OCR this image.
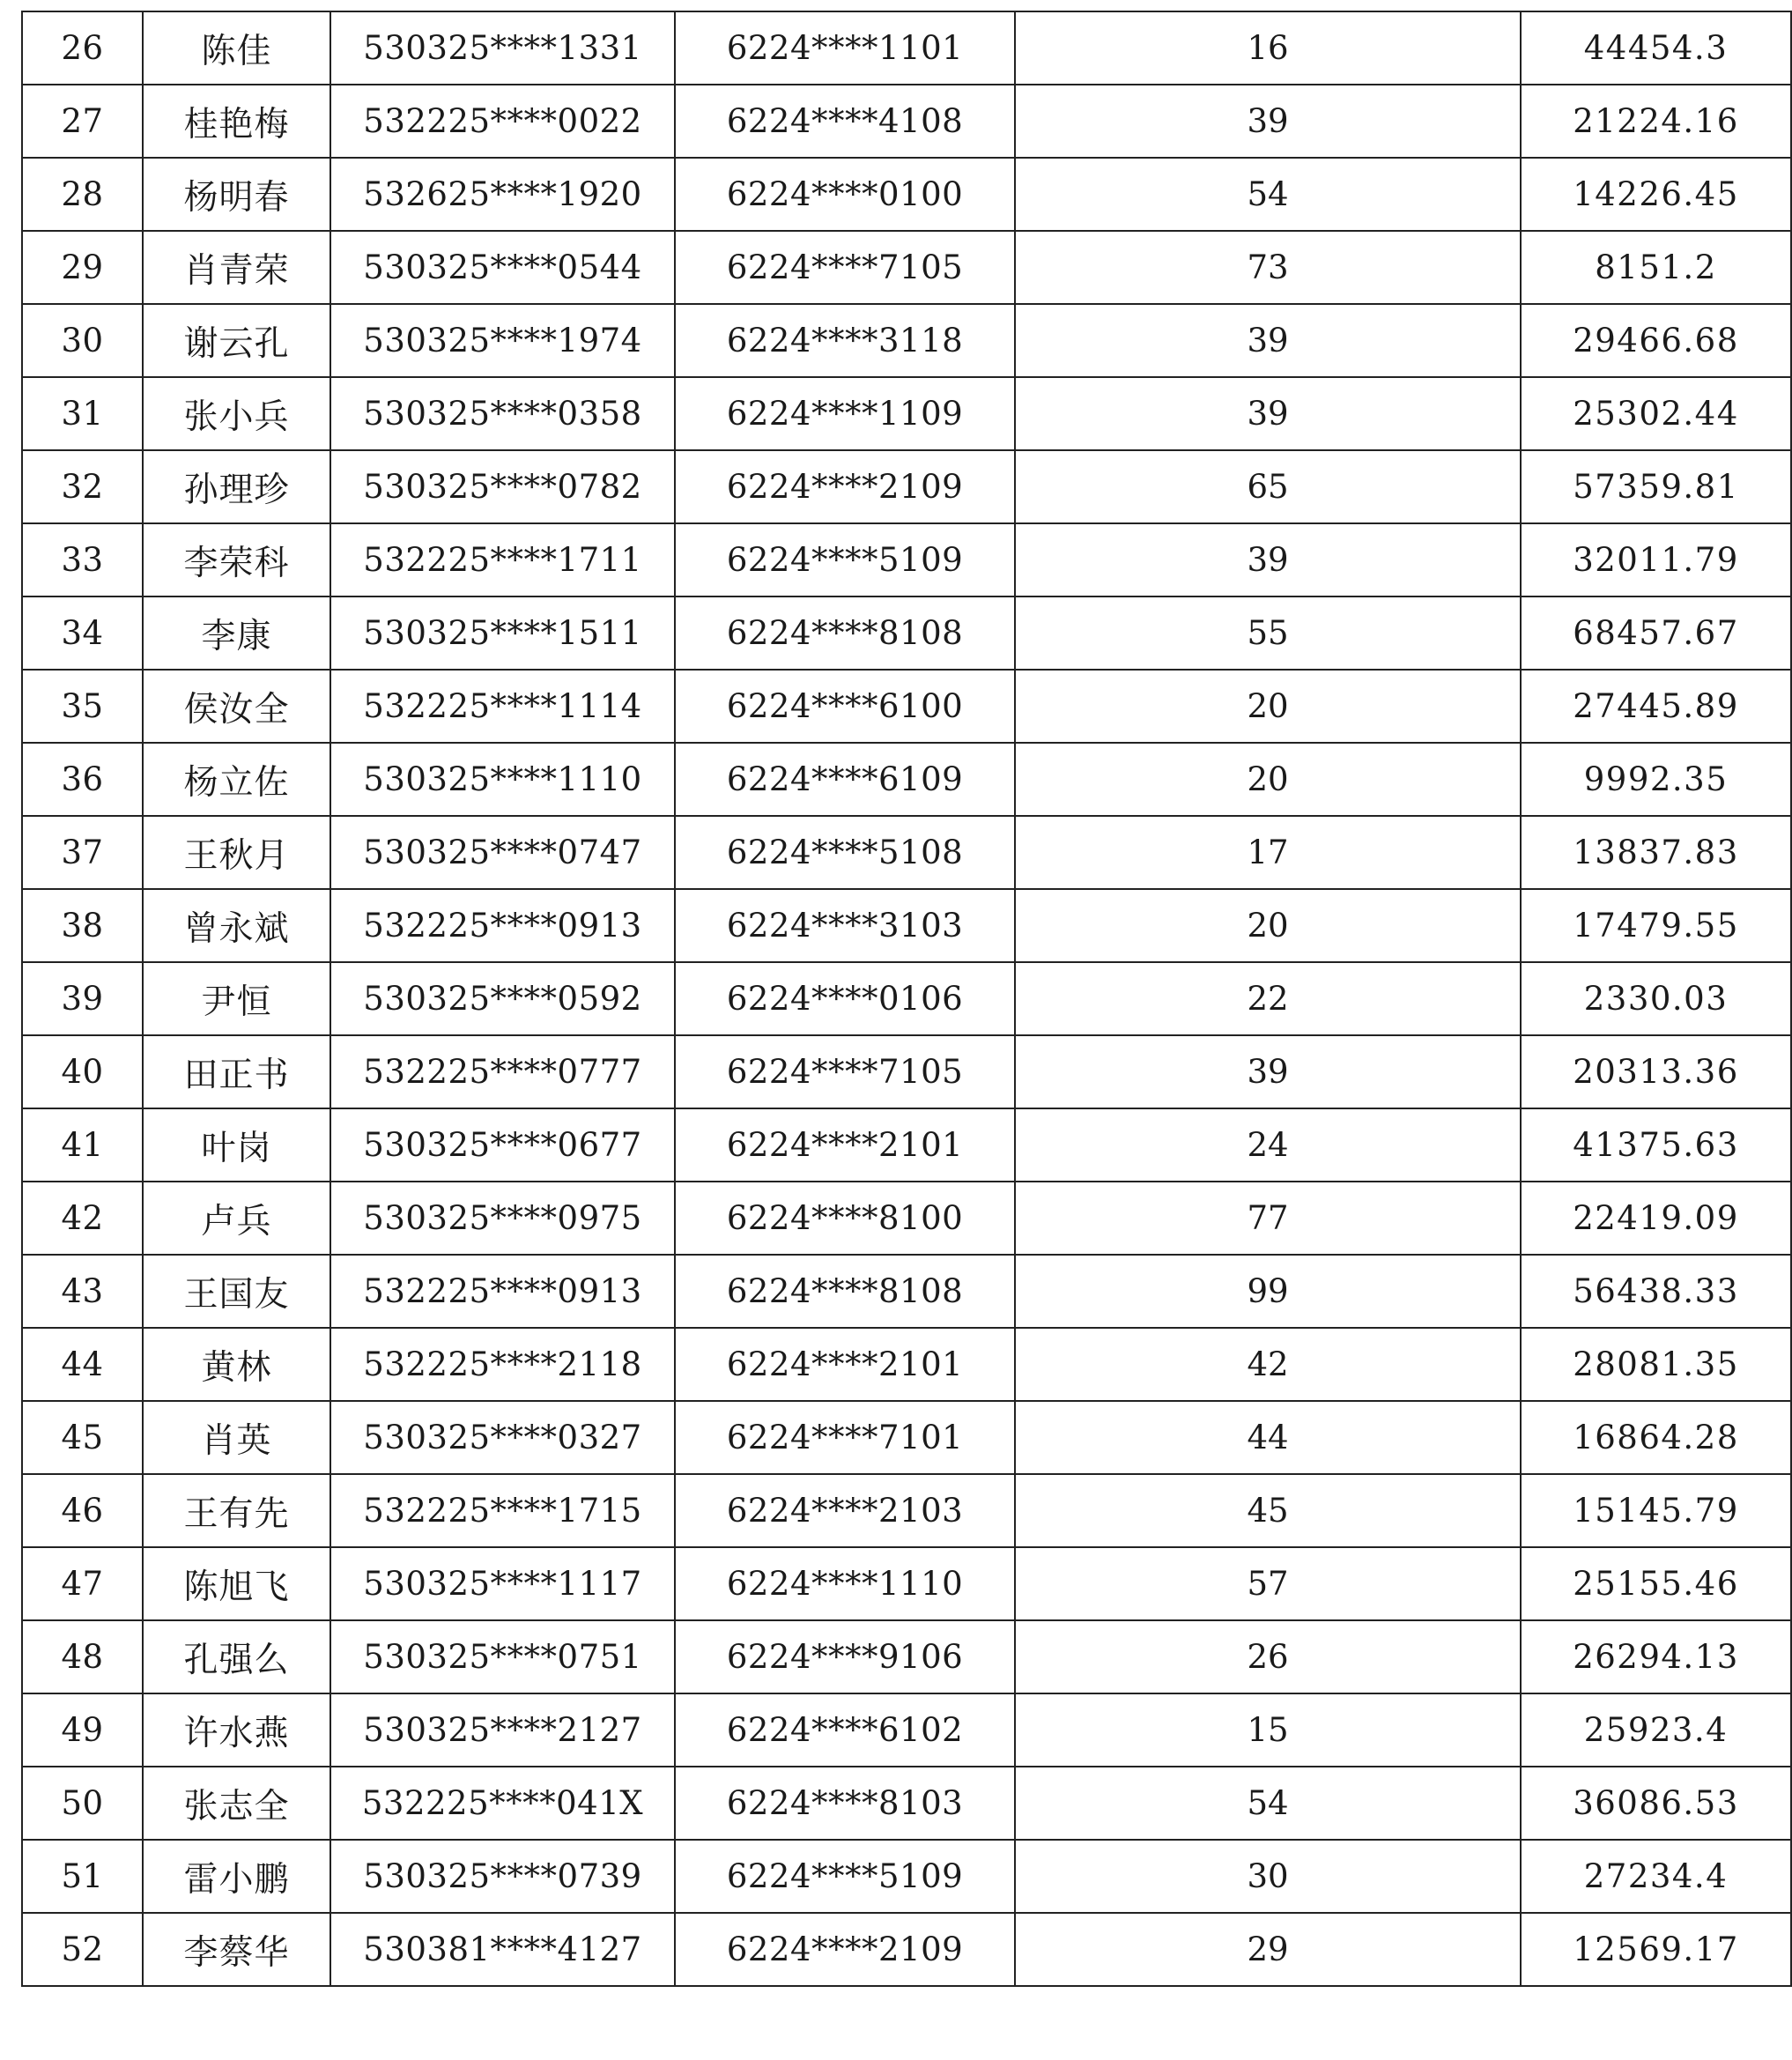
26	陈佳	530325****1331	6224****1101	16	44454.3
27	桂艳梅	532225****0022	6224****4108	39	21224.16
28	杨明春	532625****1920	6224****0100	54	14226.45
29	肖青荣	530325****0544	6224****7105	73	8151.2
30	谢云孔	530325****1974	6224****3118	39	29466.68
31	张小兵	530325****0358	6224****1109	39	25302.44
32	孙理珍	530325****0782	6224****2109	65	57359.81
33	李荣科	532225****1711	6224****5109	39	32011.79
34	李康	530325****1511	6224****8108	55	68457.67
35	侯汝全	532225****1114	6224****6100	20	27445.89
36	杨立佐	530325****1110	6224****6109	20	9992.35
37	王秋月	530325****0747	6224****5108	17	13837.83
38	曾永斌	532225****0913	6224****3103	20	17479.55
39	尹恒	530325****0592	6224****0106	22	2330.03
40	田正书	532225****0777	6224****7105	39	20313.36
41	叶岗	530325****0677	6224****2101	24	41375.63
42	卢兵	530325****0975	6224****8100	77	22419.09
43	王国友	532225****0913	6224****8108	99	56438.33
44	黄林	532225****2118	6224****2101	42	28081.35
45	肖英	530325****0327	6224****7101	44	16864.28
46	王有先	532225****1715	6224****2103	45	15145.79
47	陈旭飞	530325****1117	6224****1110	57	25155.46
48	孔强么	530325****0751	6224****9106	26	26294.13
49	许水燕	530325****2127	6224****6102	15	25923.4
50	张志全	532225****041X	6224****8103	54	36086.53
51	雷小鹏	530325****0739	6224****5109	30	27234.4
52	李蔡华	530381****4127	6224****2109	29	12569.17
